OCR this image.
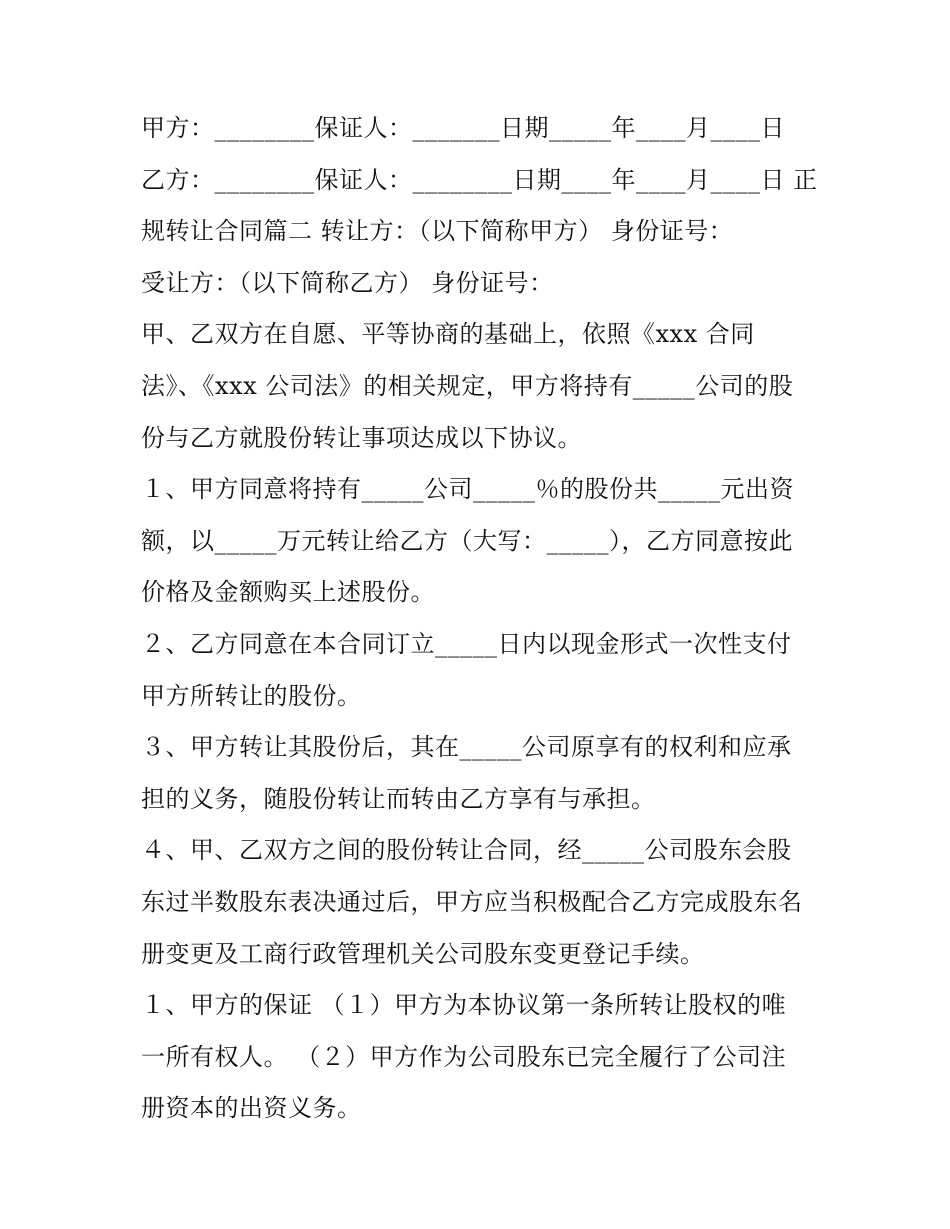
甲方：________保证人：_______日期_____年____月____日
乙方：________保证人：________日期____年____月____日 正
规转让合同篇二 转让方：（以下简称甲方） 身份证号：
受让方：（以下简称乙方） 身份证号：
甲、乙双方在自愿、平等协商的基础上，依照《xxx 合同
法》、《xxx 公司法》的相关规定，甲方将持有_____公司的股
份与乙方就股份转让事项达成以下协议。
１、甲方同意将持有_____公司_____％的股份共_____元出资
额，以_____万元转让给乙方（大写：_____），乙方同意按此
价格及金额购买上述股份。
２、乙方同意在本合同订立_____日内以现金形式一次性支付
甲方所转让的股份。
３、甲方转让其股份后，其在_____公司原享有的权利和应承
担的义务，随股份转让而转由乙方享有与承担。
４、甲、乙双方之间的股份转让合同，经_____公司股东会股
东过半数股东表决通过后，甲方应当积极配合乙方完成股东名
册变更及工商行政管理机关公司股东变更登记手续。
１、甲方的保证 （１）甲方为本协议第一条所转让股权的唯
一所有权人。 （２）甲方作为公司股东已完全履行了公司注
册资本的出资义务。
